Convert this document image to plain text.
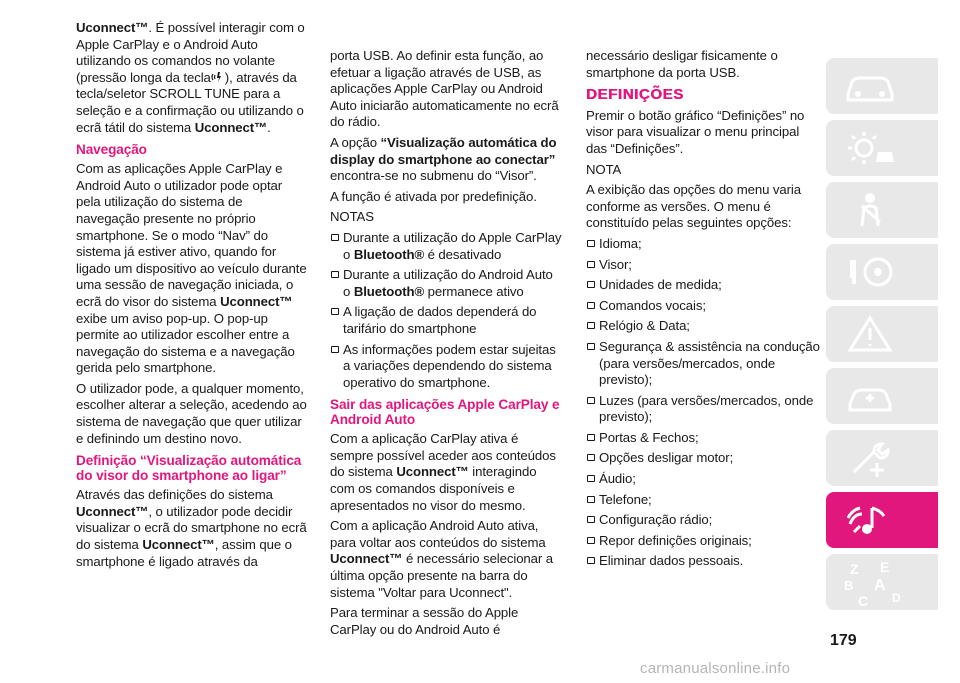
Uconnect™. É possível interagir com o Apple CarPlay e o Android Auto utilizando os comandos no volante (pressão longa da tecla ), através da tecla/seletor SCROLL TUNE para a seleção e a confirmação ou utilizando o ecrã tátil do sistema Uconnect™.

Navegação

Com as aplicações Apple CarPlay e Android Auto o utilizador pode optar pela utilização do sistema de navegação presente no próprio smartphone. Se o modo “Nav” do sistema já estiver ativo, quando for ligado um dispositivo ao veículo durante uma sessão de navegação iniciada, o ecrã do visor do sistema Uconnect™ exibe um aviso pop-up. O pop-up permite ao utilizador escolher entre a navegação do sistema e a navegação gerida pelo smartphone.

O utilizador pode, a qualquer momento, escolher alterar a seleção, acedendo ao sistema de navegação que quer utilizar e definindo um destino novo.

Definição “Visualização automática do visor do smartphone ao ligar”

Através das definições do sistema Uconnect™, o utilizador pode decidir visualizar o ecrã do smartphone no ecrã do sistema Uconnect™, assim que o smartphone é ligado através da

porta USB. Ao definir esta função, ao efetuar a ligação através de USB, as aplicações Apple CarPlay ou Android Auto iniciarão automaticamente no ecrã do rádio.

A opção “Visualização automática do display do smartphone ao conectar” encontra-se no submenu do “Visor”.

A função é ativada por predefinição.

NOTAS

Durante a utilização do Apple CarPlay o Bluetooth® é desativado

Durante a utilização do Android Auto o Bluetooth® permanece ativo

A ligação de dados dependerá do tarifário do smartphone

As informações podem estar sujeitas a variações dependendo do sistema operativo do smartphone.

Sair das aplicações Apple CarPlay e Android Auto

Com a aplicação CarPlay ativa é sempre possível aceder aos conteúdos do sistema Uconnect™ interagindo com os comandos disponíveis e apresentados no visor do mesmo.

Com a aplicação Android Auto ativa, para voltar aos conteúdos do sistema Uconnect™ é necessário selecionar a última opção presente na barra do sistema "Voltar para Uconnect".

Para terminar a sessão do Apple CarPlay ou do Android Auto é

necessário desligar fisicamente o smartphone da porta USB.

DEFINIÇÕES

Premir o botão gráfico “Definições” no visor para visualizar o menu principal das “Definições”.

NOTA

A exibição das opções do menu varia conforme as versões. O menu é constituído pelas seguintes opções:

Idioma;

Visor;

Unidades de medida;

Comandos vocais;

Relógio & Data;

Segurança & assistência na condução (para versões/mercados, onde previsto);

Luzes (para versões/mercados, onde previsto);

Portas & Fechos;

Opções desligar motor;

Áudio;

Telefone;

Configuração rádio;

Repor definições originais;

Eliminar dados pessoais.

Z E
A
B
C D
179
carmanualsonline.info
